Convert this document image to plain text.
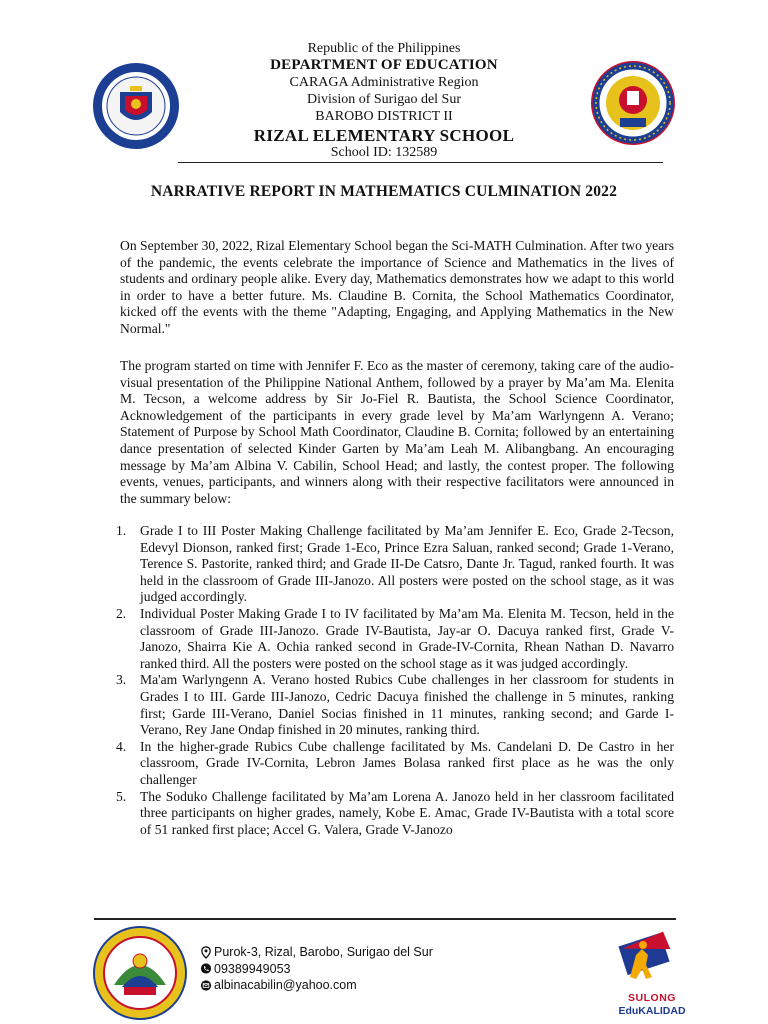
Republic of the Philippines
DEPARTMENT OF EDUCATION
CARAGA Administrative Region
Division of Surigao del Sur
BAROBO DISTRICT II
RIZAL ELEMENTARY SCHOOL
School ID: 132589
NARRATIVE REPORT IN MATHEMATICS CULMINATION 2022

On September 30, 2022, Rizal Elementary School began the Sci-MATH Culmination. After two years of the pandemic, the events celebrate the importance of Science and Mathematics in the lives of students and ordinary people alike. Every day, Mathematics demonstrates how we adapt to this world in order to have a better future. Ms. Claudine B. Cornita, the School Mathematics Coordinator, kicked off the events with the theme "Adapting, Engaging, and Applying Mathematics in the New Normal."

The program started on time with Jennifer F. Eco as the master of ceremony, taking care of the audio-visual presentation of the Philippine National Anthem, followed by a prayer by Ma’am Ma. Elenita M. Tecson, a welcome address by Sir Jo-Fiel R. Bautista, the School Science Coordinator, Acknowledgement of the participants in every grade level by Ma’am Warlyngenn A. Verano; Statement of Purpose by School Math Coordinator, Claudine B. Cornita; followed by an entertaining dance presentation of selected Kinder Garten by Ma’am Leah M. Alibangbang. An encouraging message by Ma’am Albina V. Cabilin, School Head; and lastly, the contest proper. The following events, venues, participants, and winners along with their respective facilitators were announced in the summary below:

1. Grade I to III Poster Making Challenge facilitated by Ma’am Jennifer E. Eco, Grade 2-Tecson, Edevyl Dionson, ranked first; Grade 1-Eco, Prince Ezra Saluan, ranked second; Grade 1-Verano, Terence S. Pastorite, ranked third; and Grade II-De Catsro, Dante Jr. Tagud, ranked fourth. It was held in the classroom of Grade III-Janozo. All posters were posted on the school stage, as it was judged accordingly.
2. Individual Poster Making Grade I to IV facilitated by Ma’am Ma. Elenita M. Tecson, held in the classroom of Grade III-Janozo. Grade IV-Bautista, Jay-ar O. Dacuya ranked first, Grade V-Janozo, Shairra Kie A. Ochia ranked second in Grade-IV-Cornita, Rhean Nathan D. Navarro ranked third. All the posters were posted on the school stage as it was judged accordingly.
3. Ma'am Warlyngenn A. Verano hosted Rubics Cube challenges in her classroom for students in Grades I to III. Garde III-Janozo, Cedric Dacuya finished the challenge in 5 minutes, ranking first; Garde III-Verano, Daniel Socias finished in 11 minutes, ranking second; and Garde I-Verano, Rey Jane Ondap finished in 20 minutes, ranking third.
4. In the higher-grade Rubics Cube challenge facilitated by Ms. Candelani D. De Castro in her classroom, Grade IV-Cornita, Lebron James Bolasa ranked first place as he was the only challenger
5. The Soduko Challenge facilitated by Ma’am Lorena A. Janozo held in her classroom facilitated three participants on higher grades, namely, Kobe E. Amac, Grade IV-Bautista with a total score of 51 ranked first place; Accel G. Valera, Grade V-Janozo
Purok-3, Rizal, Barobo, Surigao del Sur
09389949053
albinacabilin@yahoo.com
SULONG
EduKALIDAD
